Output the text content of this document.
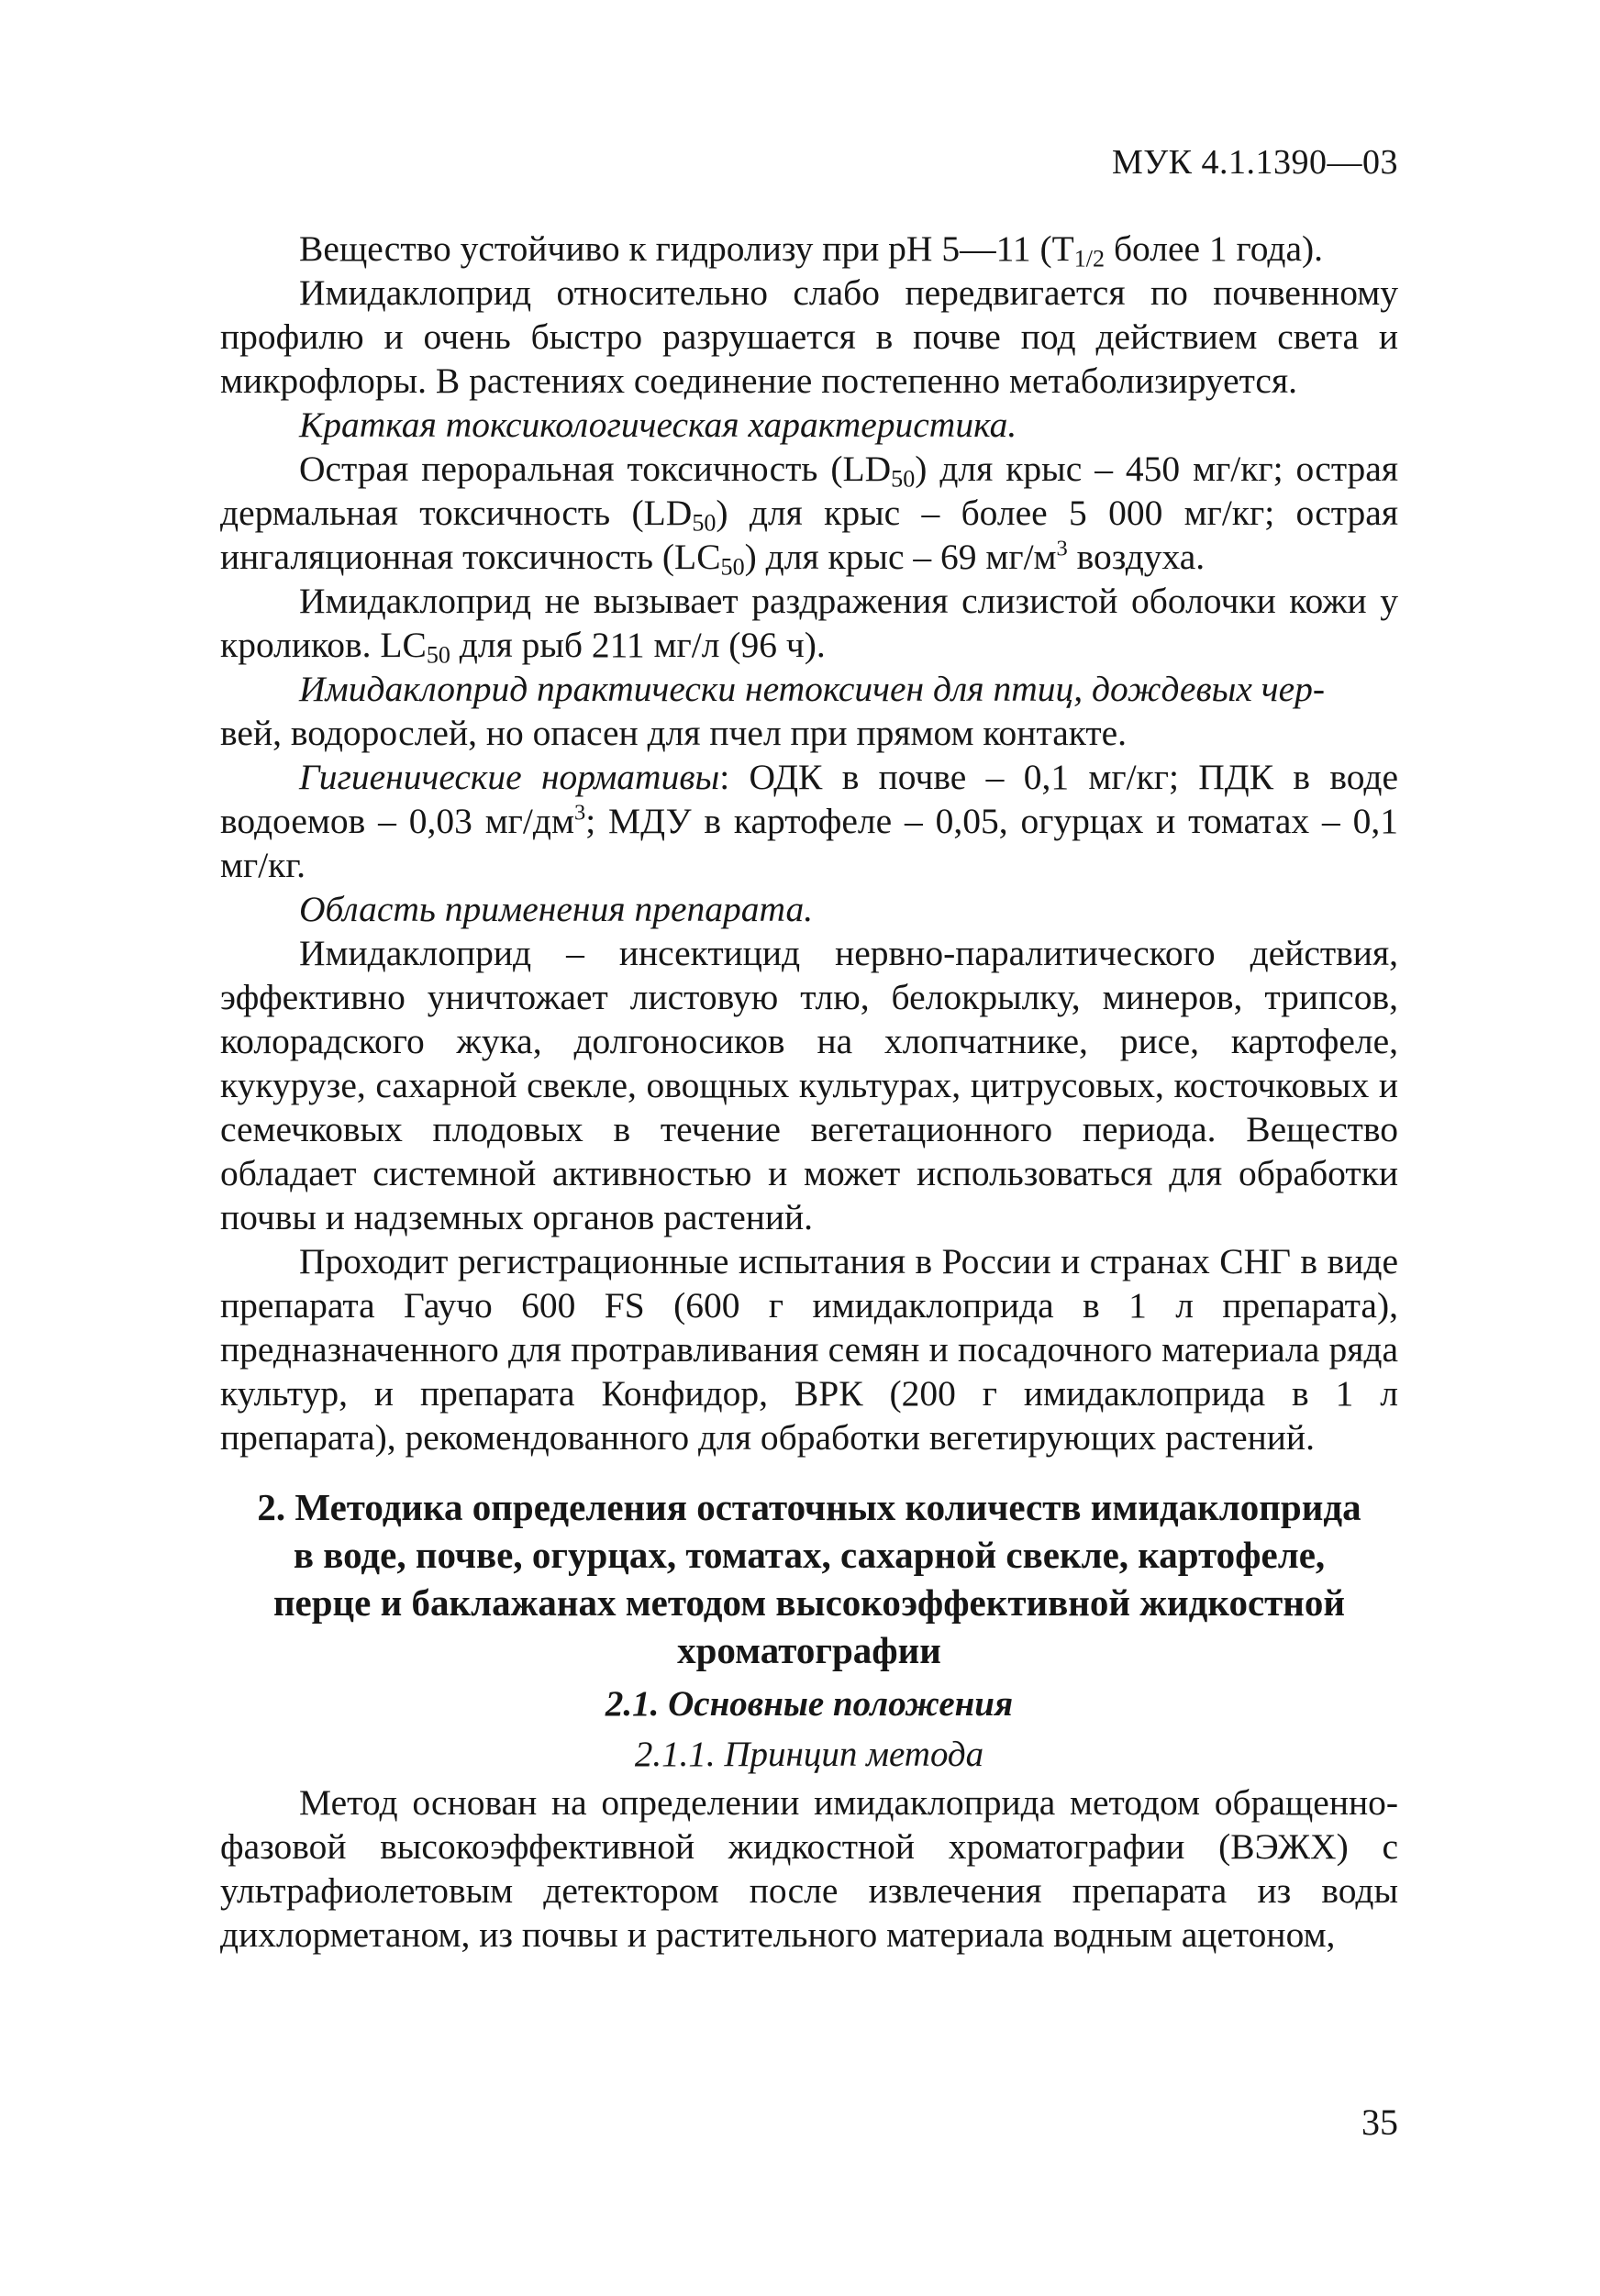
МУК 4.1.1390—03

Вещество устойчиво к гидролизу при pH 5—11 ($T_{1/2}$ более 1 года).

Имидаклоприд относительно слабо передвигается по почвенному профилю и очень быстро разрушается в почве под действием света и микрофлоры. В растениях соединение постепенно метаболизируется.

Краткая токсикологическая характеристика.

Острая пероральная токсичность $(LD_{50})$ для крыс – 450 мг/кг; острая дермальная токсичность $(LD_{50})$ для крыс – более 5 000 мг/кг; острая ингаляционная токсичность $(LC_{50})$ для крыс – 69 $мг/м^3$ воздуха.

Имидаклоприд не вызывает раздражения слизистой оболочки кожи у кроликов. $LC_{50}$ для рыб 211 мг/л (96 ч).

Имидаклоприд практически нетоксичен для птиц, дождевых чер-
вей, водорослей, но опасен для пчел при прямом контакте.

Гигиенические нормативы: ОДК в почве – 0,1 мг/кг; ПДК в воде водоемов – 0,03 $мг/дм^3$; МДУ в картофеле – 0,05, огурцах и томатах – 0,1 мг/кг.

Область применения препарата.

Имидаклоприд – инсектицид нервно-паралитического действия, эффективно уничтожает листовую тлю, белокрылку, минеров, трипсов, колорадского жука, долгоносиков на хлопчатнике, рисе, картофеле, кукурузе, сахарной свекле, овощных культурах, цитрусовых, косточковых и семечковых плодовых в течение вегетационного периода. Вещество обладает системной активностью и может использоваться для обработки почвы и надземных органов растений.

Проходит регистрационные испытания в России и странах СНГ в виде препарата Гаучо 600 FS (600 г имидаклоприда в 1 л препарата), предназначенного для протравливания семян и посадочного материала ряда культур, и препарата Конфидор, ВРК (200 г имидаклоприда в 1 л препарата), рекомендованного для обработки вегетирующих растений.

2. Методика определения остаточных количеств имидаклоприда в воде, почве, огурцах, томатах, сахарной свекле, картофеле, перце и баклажанах методом высокоэффективной жидкостной хроматографии

2.1. Основные положения

2.1.1. Принцип метода

Метод основан на определении имидаклоприда методом обращенно-фазовой высокоэффективной жидкостной хроматографии (ВЭЖХ) с ультрафиолетовым детектором после извлечения препарата из воды дихлорметаном, из почвы и растительного материала водным ацетоном,

35
